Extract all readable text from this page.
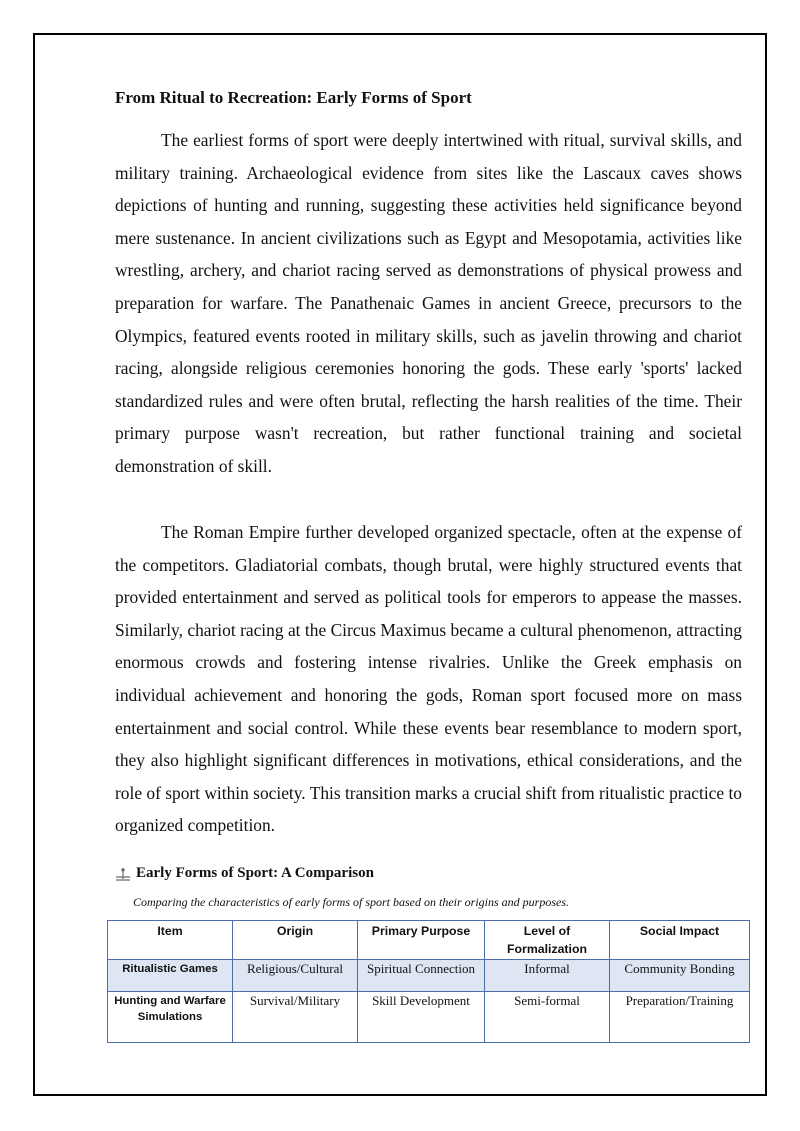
From Ritual to Recreation: Early Forms of Sport

The earliest forms of sport were deeply intertwined with ritual, survival skills, and military training. Archaeological evidence from sites like the Lascaux caves shows depictions of hunting and running, suggesting these activities held significance beyond mere sustenance. In ancient civilizations such as Egypt and Mesopotamia, activities like wrestling, archery, and chariot racing served as demonstrations of physical prowess and preparation for warfare. The Panathenaic Games in ancient Greece, precursors to the Olympics, featured events rooted in military skills, such as javelin throwing and chariot racing, alongside religious ceremonies honoring the gods. These early 'sports' lacked standardized rules and were often brutal, reflecting the harsh realities of the time. Their primary purpose wasn't recreation, but rather functional training and societal demonstration of skill.

The Roman Empire further developed organized spectacle, often at the expense of the competitors. Gladiatorial combats, though brutal, were highly structured events that provided entertainment and served as political tools for emperors to appease the masses. Similarly, chariot racing at the Circus Maximus became a cultural phenomenon, attracting enormous crowds and fostering intense rivalries. Unlike the Greek emphasis on individual achievement and honoring the gods, Roman sport focused more on mass entertainment and social control. While these events bear resemblance to modern sport, they also highlight significant differences in motivations, ethical considerations, and the role of sport within society. This transition marks a crucial shift from ritualistic practice to organized competition.

Early Forms of Sport: A Comparison
Comparing the characteristics of early forms of sport based on their origins and purposes.
Item	Origin	Primary Purpose	Level of Formalization	Social Impact
Ritualistic Games	Religious/Cultural	Spiritual Connection	Informal	Community Bonding
Hunting and Warfare Simulations	Survival/Military	Skill Development	Semi-formal	Preparation/Training
